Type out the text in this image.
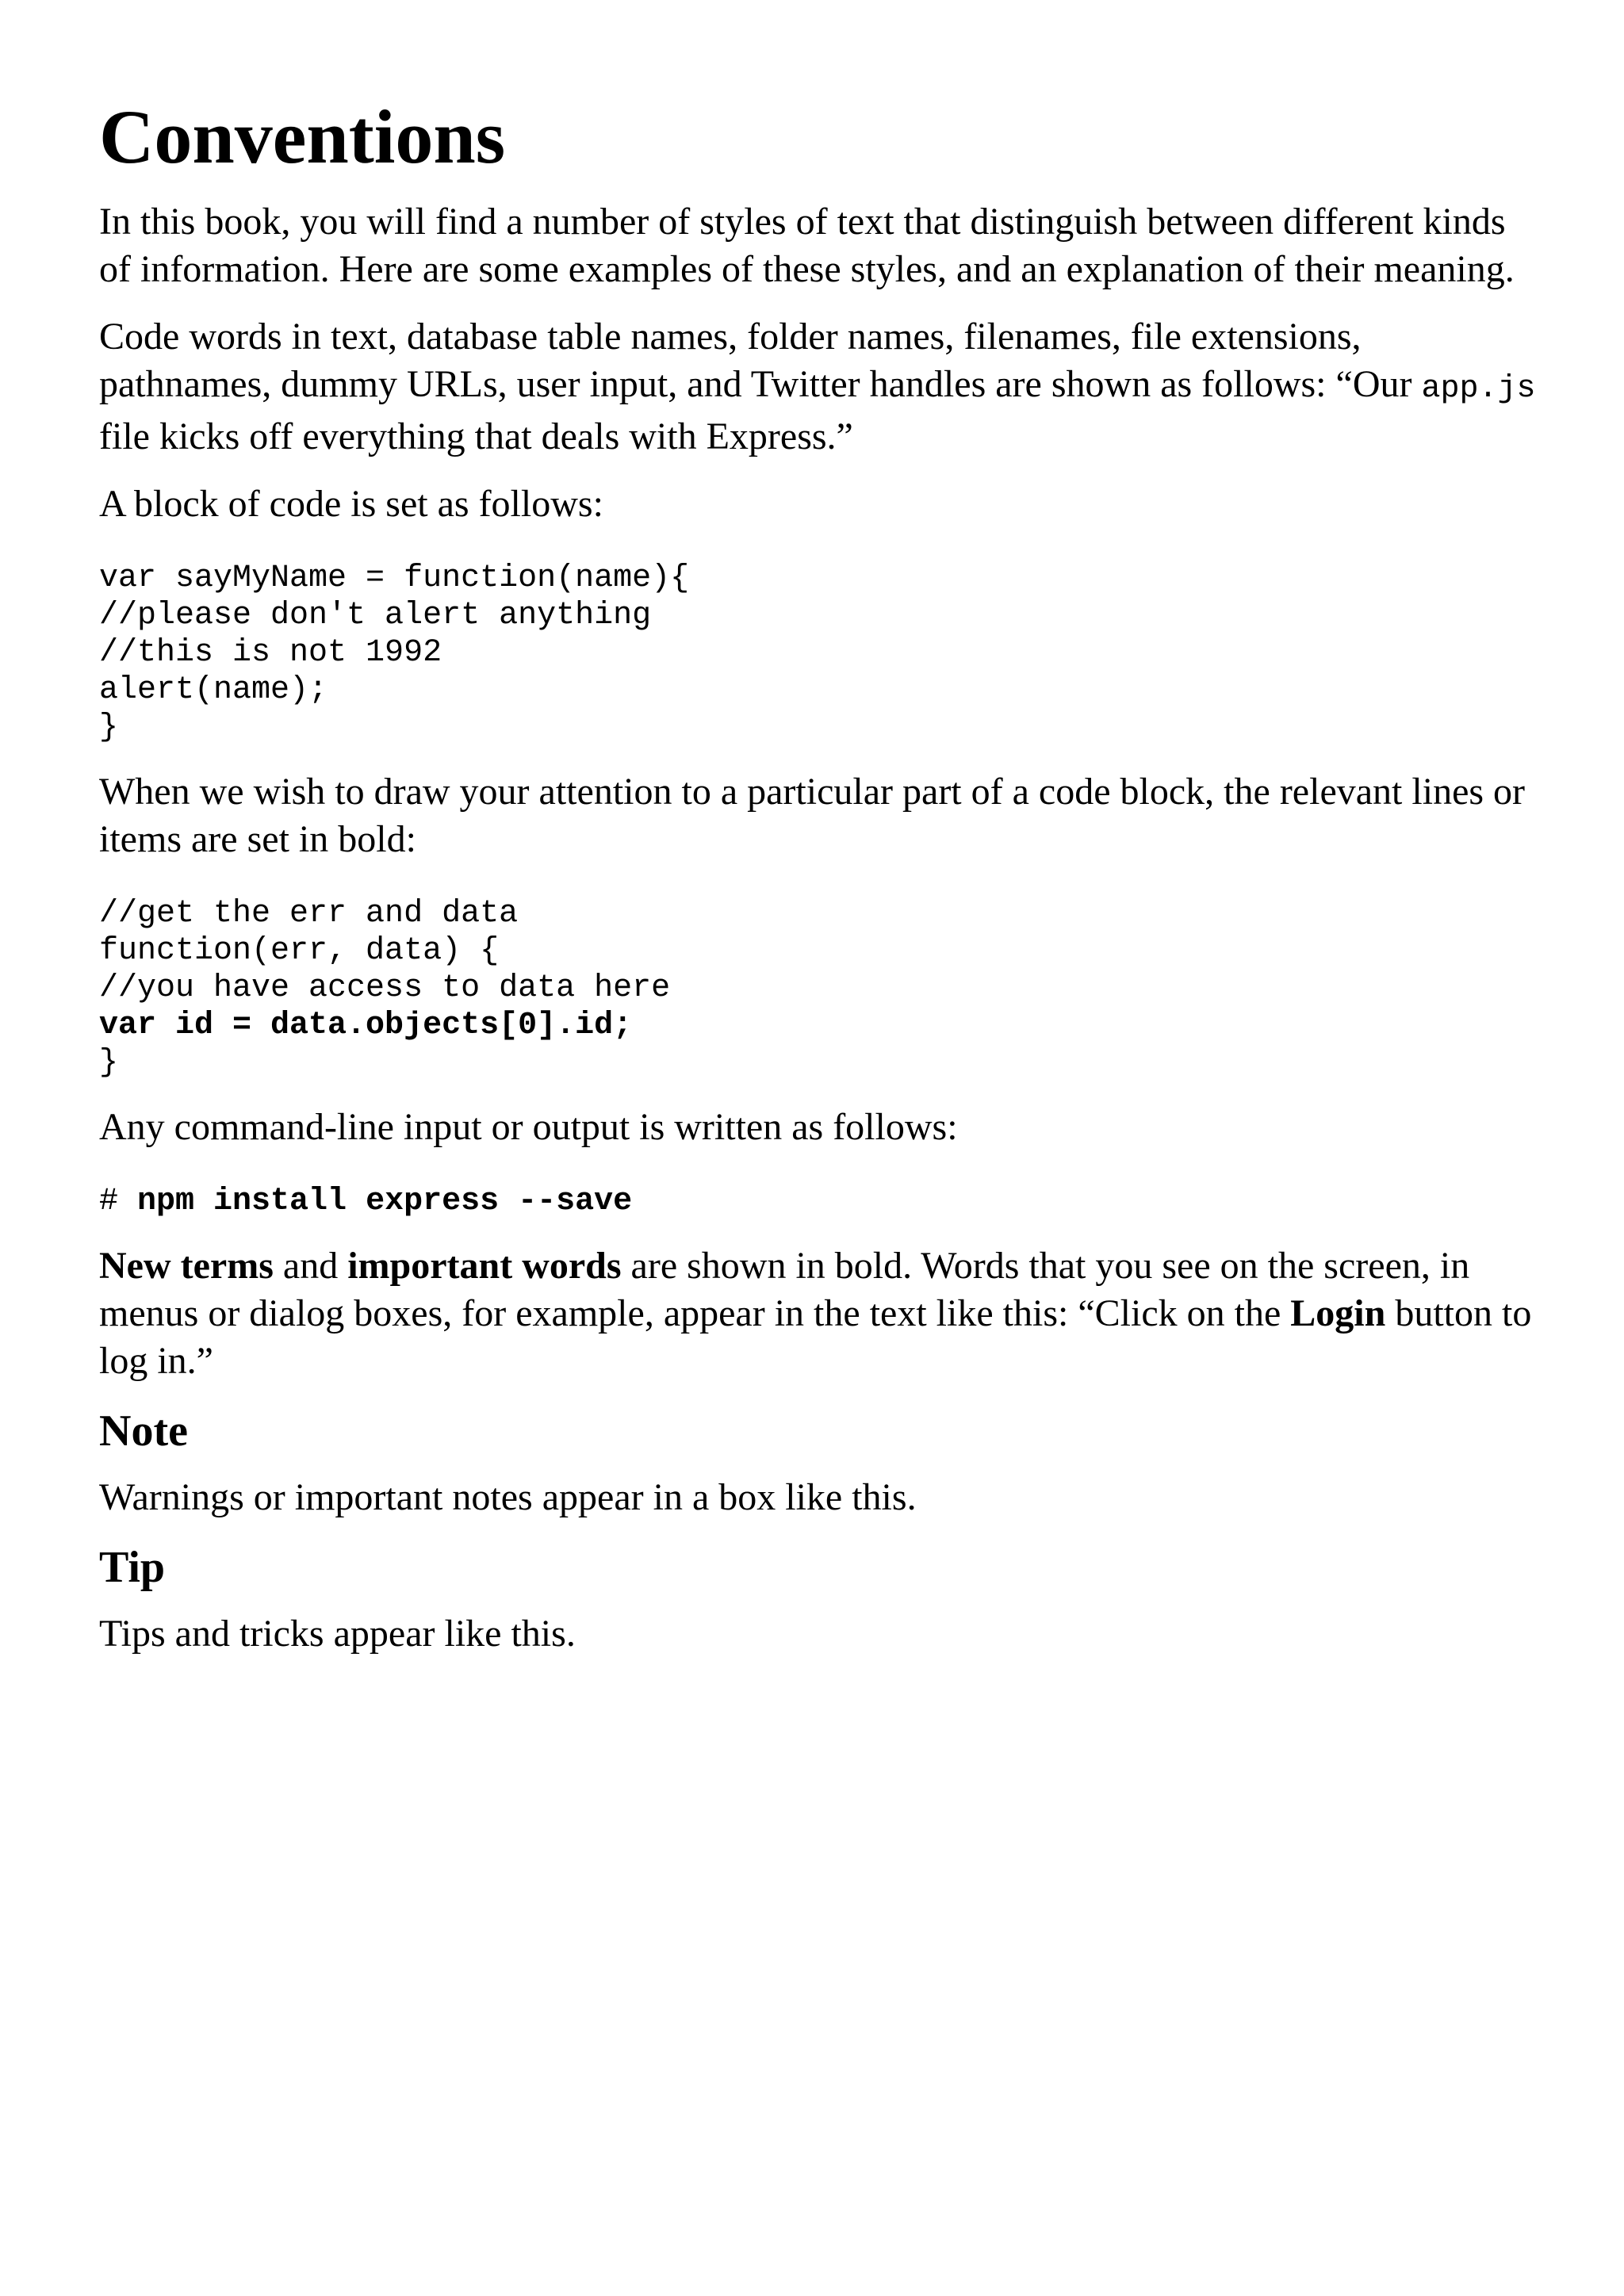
Conventions

In this book, you will find a number of styles of text that distinguish between different kinds of information. Here are some examples of these styles, and an explanation of their meaning.

Code words in text, database table names, folder names, filenames, file extensions, pathnames, dummy URLs, user input, and Twitter handles are shown as follows: “Our app.js file kicks off everything that deals with Express.”

A block of code is set as follows:

var sayMyName = function(name){
//please don't alert anything
//this is not 1992
alert(name);
}

When we wish to draw your attention to a particular part of a code block, the relevant lines or items are set in bold:

//get the err and data
function(err, data) {
//you have access to data here
var id = data.objects[0].id;
}

Any command-line input or output is written as follows:

# npm install express --save

New terms and important words are shown in bold. Words that you see on the screen, in menus or dialog boxes, for example, appear in the text like this: “Click on the Login button to log in.”

Note

Warnings or important notes appear in a box like this.

Tip

Tips and tricks appear like this.
